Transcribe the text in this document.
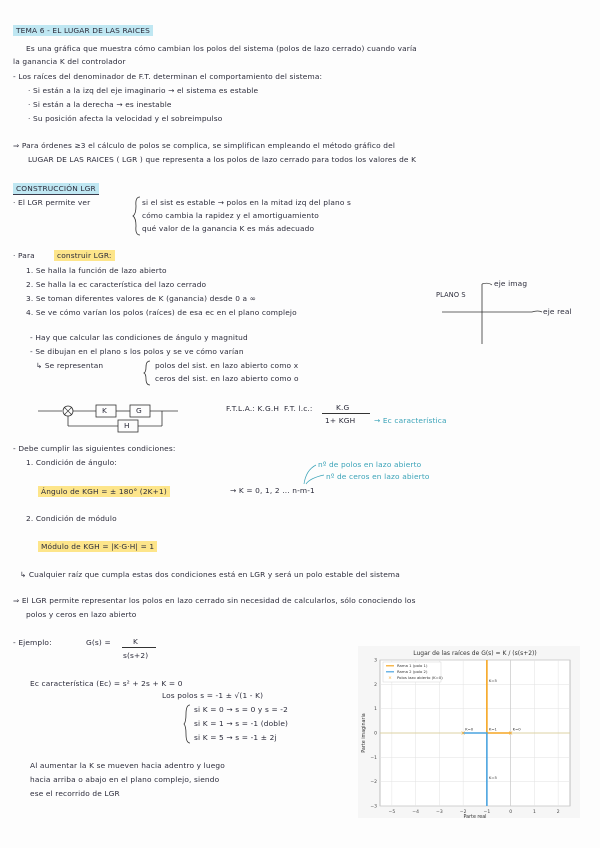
TEMA 6 - EL LUGAR DE LAS RAICES
Es una gráfica que muestra cómo cambian los polos del sistema (polos de lazo cerrado) cuando varía
la ganancia K del controlador
- Los raíces del denominador de F.T. determinan el comportamiento del sistema:
· Si están a la izq del eje imaginario → el sistema es estable
· Si están a la derecha → es inestable
· Su posición afecta la velocidad y el sobreimpulso
⇒ Para órdenes ≥3 el cálculo de polos se complica, se simplifican empleando el método gráfico del
LUGAR DE LAS RAICES ( LGR ) que representa a los polos de lazo cerrado para todos los valores de K
CONSTRUCCIÓN LGR
· El LGR permite ver	si el sist es estable → polos en la mitad izq del plano s
cómo cambia la rapidez y el amortiguamiento
qué valor de la ganancia K es más adecuado
· Para	construir LGR:
1. Se halla la función de lazo abierto
2. Se halla la ec característica del lazo cerrado
3. Se toman diferentes valores de K (ganancia) desde 0 a ∞
4. Se ve cómo varían los polos (raíces) de esa ec en el plano complejo
PLANO S
eje imag
eje real
- Hay que calcular las condiciones de ángulo y magnitud
- Se dibujan en el plano s los polos y se ve cómo varían
↳ Se representan	polos del sist. en lazo abierto como x
ceros del sist. en lazo abierto como o
K	G
H
F.T.L.A.: K.G.H F.T. l.c.:	K.G
1+ KGH	→ Ec característica
- Debe cumplir las siguientes condiciones:
1. Condición de ángulo:	nº de polos en lazo abierto
nº de ceros en lazo abierto
Ángulo de KGH = ± 180° (2K+1)	→ K = 0, 1, 2 ... n-m-1
2. Condición de módulo
Módulo de KGH = |K·G·H| = 1
↳ Cualquier raíz que cumpla estas dos condiciones está en LGR y será un polo estable del sistema
⇒ El LGR permite representar los polos en lazo cerrado sin necesidad de calcularlos, sólo conociendo los
polos y ceros en lazo abierto
- Ejemplo:	G(s) =	K
s(s+2)
Ec característica (Ec) = s² + 2s + K = 0
Los polos s = -1 ± √(1 - K)
si K = 0 → s = 0 y s = -2
si K = 1 → s = -1 (doble)
si K = 5 → s = -1 ± 2j
Al aumentar la K se mueven hacia adentro y luego
hacia arriba o abajo en el plano complejo, siendo
ese el recorrido de LGR
−5	−4	−3	−2	−1	0	1	2
3
2
1
0
−1
−2
−3
×
×
K=5
K=0	K=1	K=0
K=5
Lugar de las raíces de G(s) = K / (s(s+2))
Parte real
Parte imaginaria
Rama 1 (polo 1)
Rama 2 (polo 2)
× Polos lazo abierto (K=0)
